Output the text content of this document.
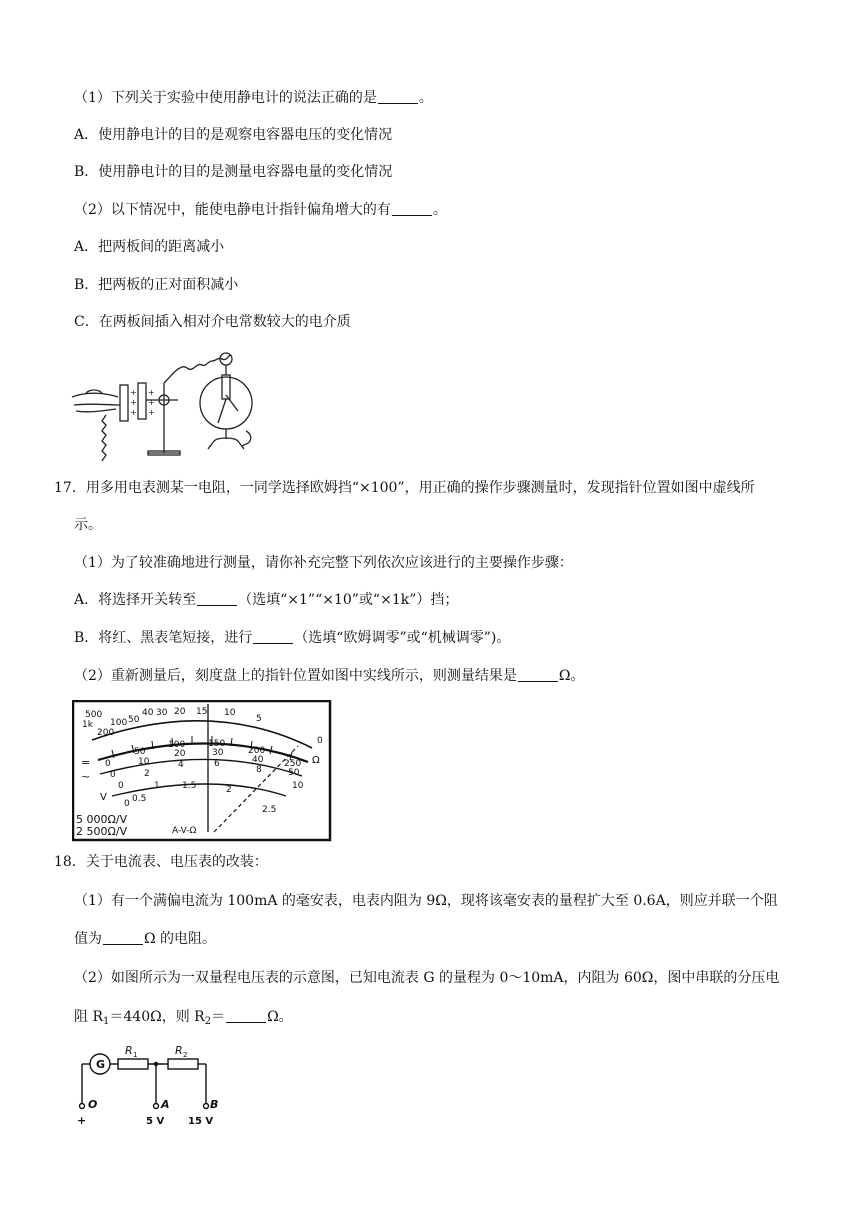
（1）下列关于实验中使用静电计的说法正确的是	。
A．使用静电计的目的是观察电容器电压的变化情况
B．使用静电计的目的是测量电容器电量的变化情况
（2）以下情况中，能使电静电计指针偏角增大的有	。
A．把两板间的距离减小
B．把两板的正对面积减小
C．在两板间插入相对介电常数较大的电介质
+
+
+
+
+
+
17．用多用电表测某一电阻，一同学选择欧姆挡“×100”，用正确的操作步骤测量时，发现指针位置如图中虚线所
示。
（1）为了较准确地进行测量，请你补充完整下列依次应该进行的主要操作步骤：
A．将选择开关转至	（选填“×1”“×10”或“×1k”）挡；
B．将红、黑表笔短接，进行	（选填“欧姆调零”或“机械调零”)。
（2）重新测量后，刻度盘上的指针位置如图中实线所示，则测量结果是	Ω。
500
1k
200
100 50
40 30 20 15 10
5
0
Ω
0
50
100	150
200
250
0
10
20	30
40
50
0
2
4	6
8
10
0 0.5
1 1.5	2
2.5
=
~
V
5 000Ω/V
2 500Ω/V	A-V-Ω
18．关于电流表、电压表的改装：
（1）有一个满偏电流为 100mA 的毫安表，电表内阻为 9Ω，现将该毫安表的量程扩大至 0.6A，则应并联一个阻
值为	Ω 的电阻。
（2）如图所示为一双量程电压表的示意图，已知电流表 G 的量程为 0～10mA，内阻为 60Ω，图中串联的分压电
阻 $R_1=440\Omega$，则 $R_2=$	Ω。
G
R 1	R 2
O	A	B
+	5 V 15 V
